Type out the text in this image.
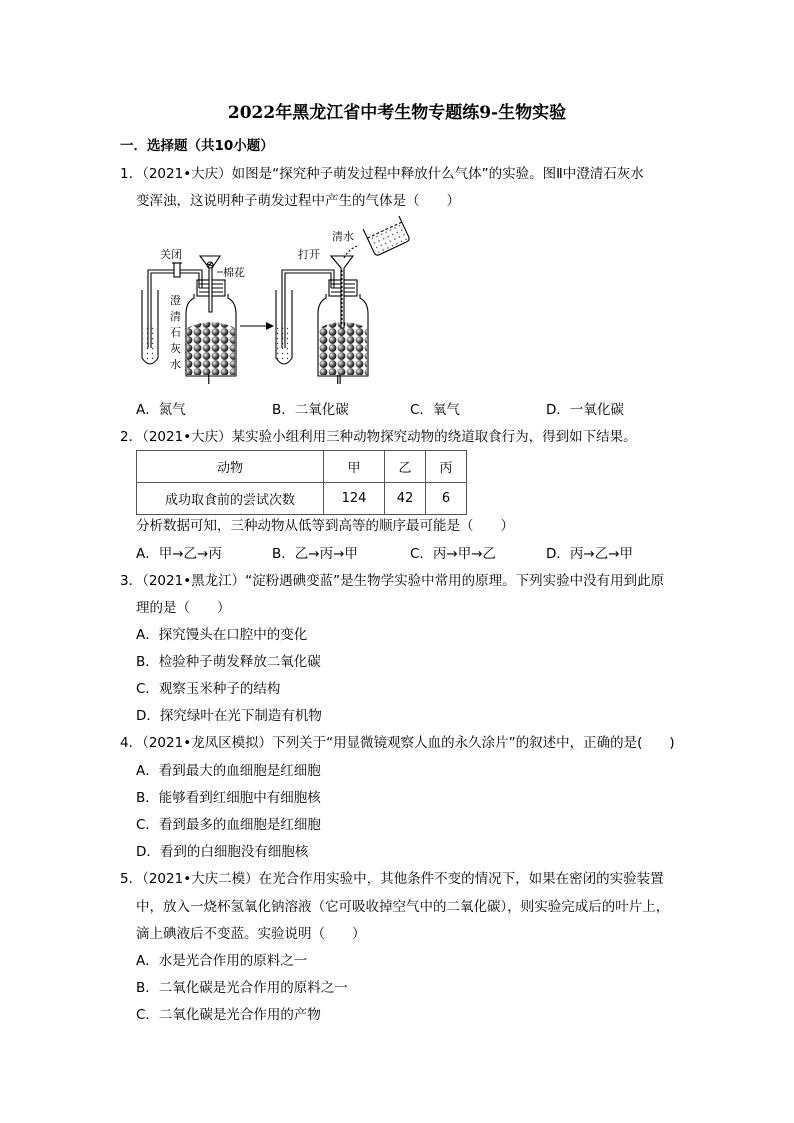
2022年黑龙江省中考生物专题练9-生物实验
一．选择题（共10小题）
1．（2021•大庆）如图是“探究种子萌发过程中释放什么气体”的实验。图Ⅱ中澄清石灰水
变浑浊，这说明种子萌发过程中产生的气体是（　　）
关闭
棉花
澄
清
石
灰
水
Ⅰ
打开
清水
Ⅱ
A．氮气	B．二氧化碳	C．氧气	D．一氧化碳
2．（2021•大庆）某实验小组利用三种动物探究动物的绕道取食行为，得到如下结果。
动物	甲	乙	丙
成功取食前的尝试次数	124	42	6
分析数据可知，三种动物从低等到高等的顺序最可能是（　　）
A．甲→乙→丙	B．乙→丙→甲	C．丙→甲→乙	D．丙→乙→甲
3．（2021•黑龙江）“淀粉遇碘变蓝”是生物学实验中常用的原理。下列实验中没有用到此原
理的是（　　）
A．探究馒头在口腔中的变化
B．检验种子萌发释放二氧化碳
C．观察玉米种子的结构
D．探究绿叶在光下制造有机物
4．（2021•龙凤区模拟）下列关于“用显微镜观察人血的永久涂片”的叙述中，正确的是(　　)
A．看到最大的血细胞是红细胞
B．能够看到红细胞中有细胞核
C．看到最多的血细胞是红细胞
D．看到的白细胞没有细胞核
5．（2021•大庆二模）在光合作用实验中，其他条件不变的情况下，如果在密闭的实验装置
中，放入一烧杯氢氧化钠溶液（它可吸收掉空气中的二氧化碳），则实验完成后的叶片上，
滴上碘液后不变蓝。实验说明（　　）
A．水是光合作用的原料之一
B．二氧化碳是光合作用的原料之一
C．二氧化碳是光合作用的产物
